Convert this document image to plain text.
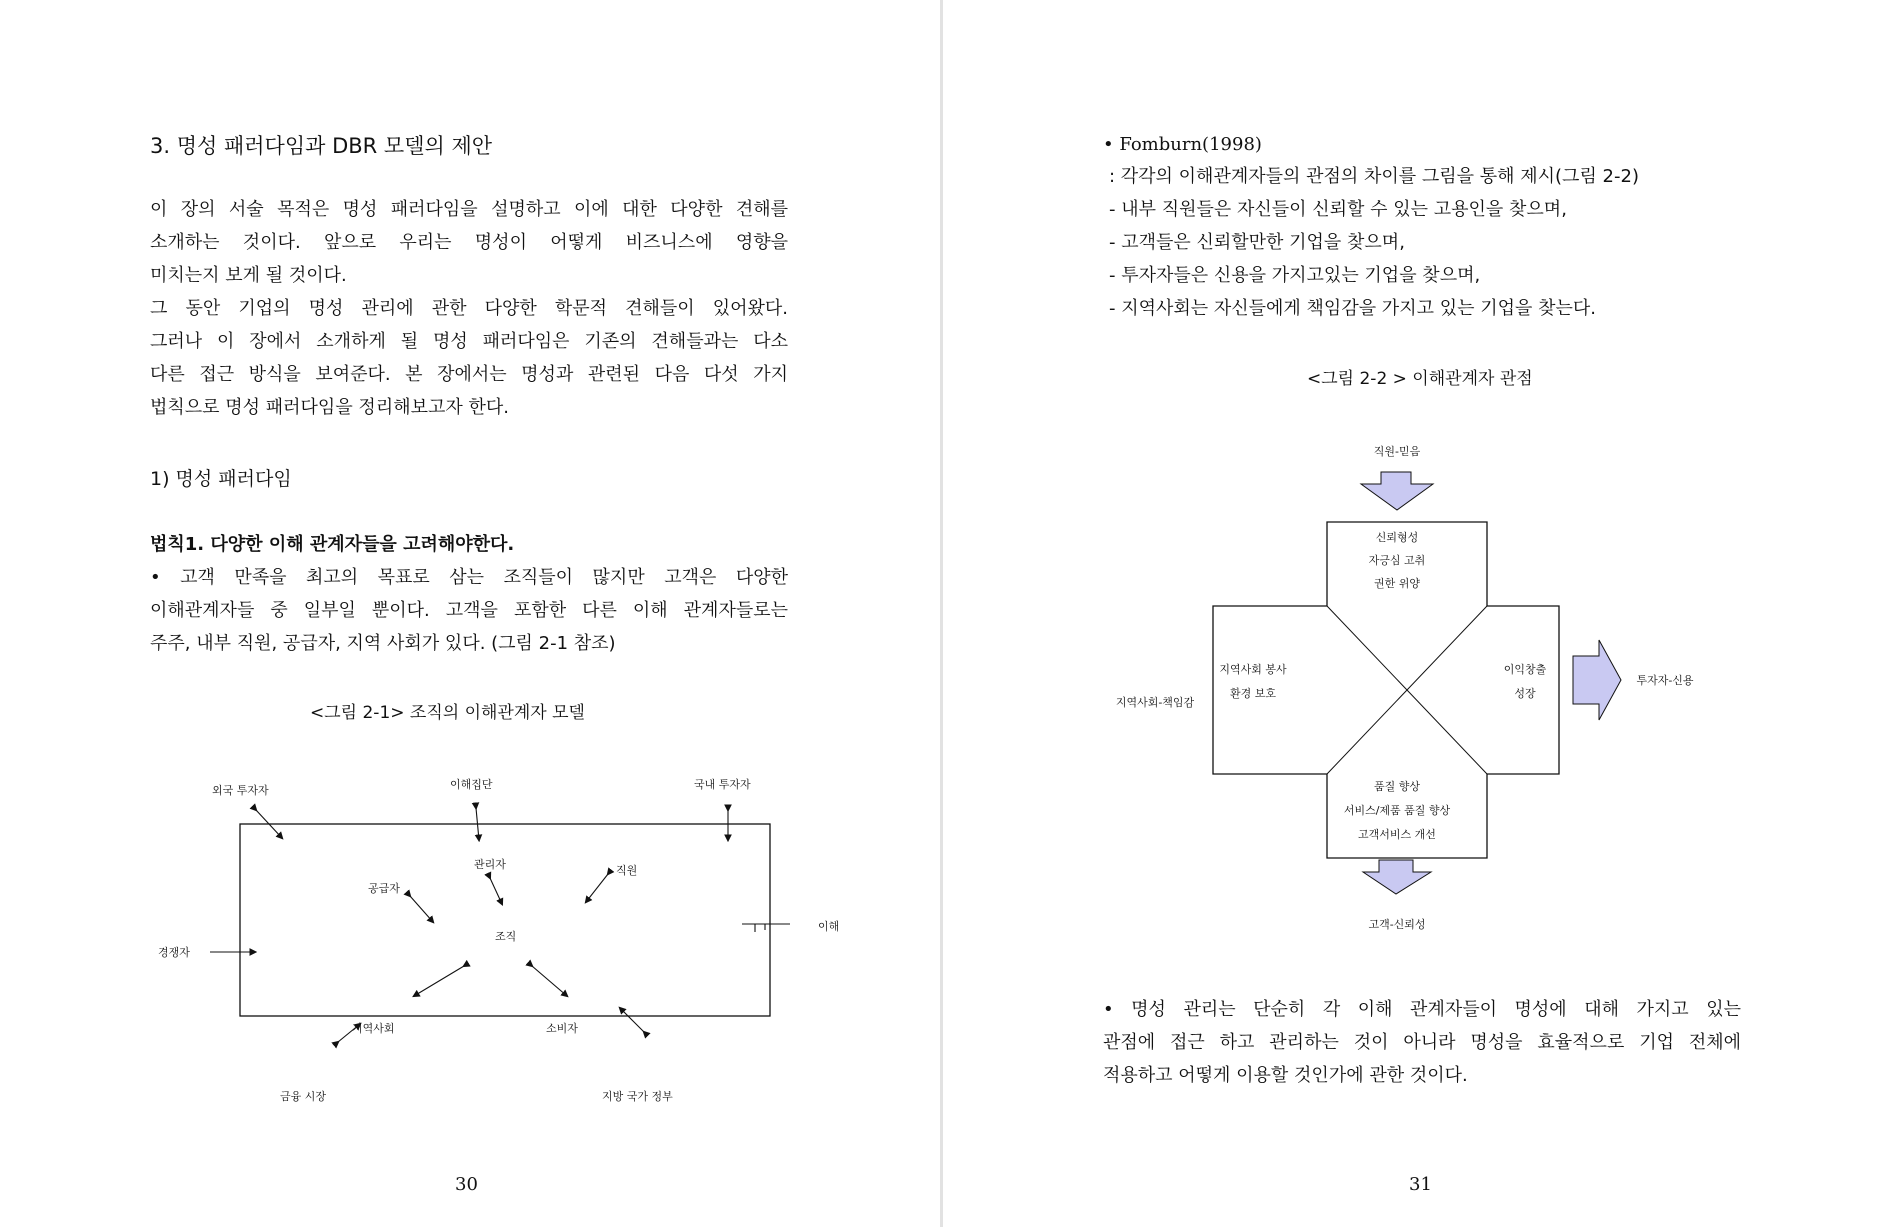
3. 명성 패러다임과 DBR 모델의 제안
이 장의 서술 목적은 명성 패러다임을 설명하고 이에 대한 다양한 견해를
소개하는 것이다. 앞으로 우리는 명성이 어떻게 비즈니스에 영향을
미치는지 보게 될 것이다.
그 동안 기업의 명성 관리에 관한 다양한 학문적 견해들이 있어왔다.
그러나 이 장에서 소개하게 될 명성 패러다임은 기존의 견해들과는 다소
다른 접근 방식을 보여준다. 본 장에서는 명성과 관련된 다음 다섯 가지
법칙으로 명성 패러다임을 정리해보고자 한다.
1) 명성 패러다임
법칙1. 다양한 이해 관계자들을 고려해야한다.
• 고객 만족을 최고의 목표로 삼는 조직들이 많지만 고객은 다양한
이해관계자들 중 일부일 뿐이다. 고객을 포함한 다른 이해 관계자들로는
주주, 내부 직원, 공급자, 지역 사회가 있다. (그림 2-1 참조)
<그림 2-1> 조직의 이해관계자 모델
외국 투자자	이해집단	국내 투자자
관리자
공급자
직원
조직
경쟁자
이해
지역사회	소비자
금융 시장	지방 국가 정부
30
• Fomburn(1998)
: 각각의 이해관계자들의 관점의 차이를 그림을 통해 제시(그림 2-2)
- 내부 직원들은 자신들이 신뢰할 수 있는 고용인을 찾으며,
- 고객들은 신뢰할만한 기업을 찾으며,
- 투자자들은 신용을 가지고있는 기업을 찾으며,
- 지역사회는 자신들에게 책임감을 가지고 있는 기업을 찾는다.
<그림 2-2 > 이해관계자 관점
직원-믿음
신뢰형성
자긍심 고취
권한 위양
지역사회 봉사
환경 보호
이익창출
성장
품질 향상
서비스/제품 품질 향상
고객서비스 개선
고객-신뢰성
지역사회-책임감
투자자-신용
• 명성 관리는 단순히 각 이해 관계자들이 명성에 대해 가지고 있는
관점에 접근 하고 관리하는 것이 아니라 명성을 효율적으로 기업 전체에
적용하고 어떻게 이용할 것인가에 관한 것이다.
31
